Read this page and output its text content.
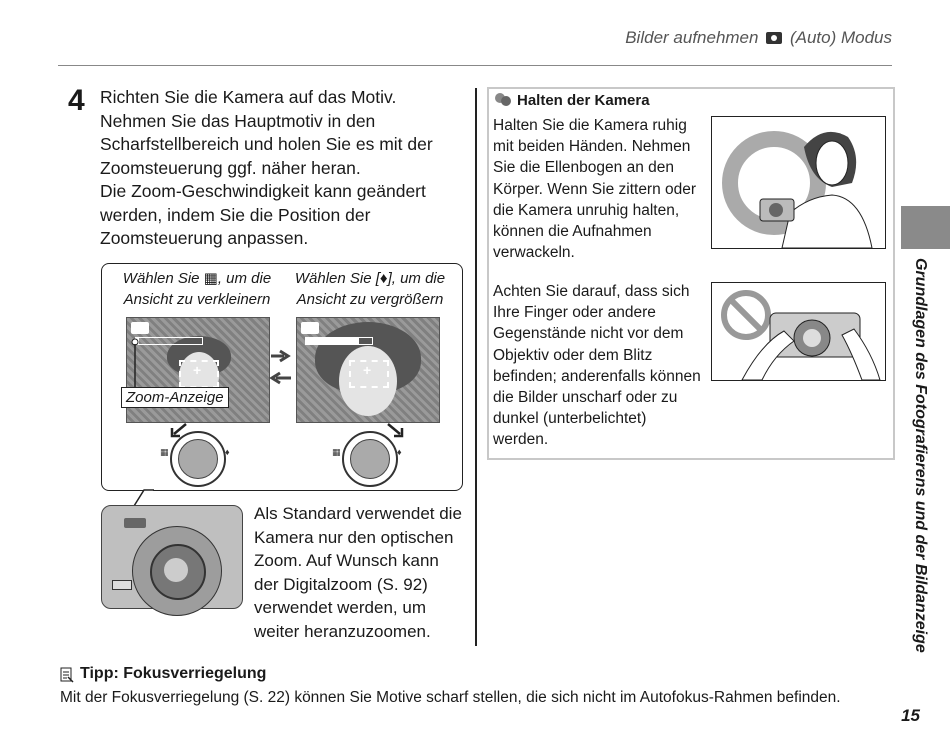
Bilder aufnehmen (Auto) Modus
4 Richten Sie die Kamera auf das Motiv.

Nehmen Sie das Hauptmotiv in den Scharfstellbereich und holen Sie es mit der Zoomsteuerung ggf. näher heran.

Die Zoom-Geschwindigkeit kann geändert werden, indem Sie die Position der Zoomsteuerung anpassen.

Wählen Sie ▦, um die Ansicht zu verkleinern
Wählen Sie [♦], um die Ansicht zu vergrößern
+	+
Zoom-Anzeige
▦	♦	▦	♦
Als Standard verwendet die Kamera nur den optischen Zoom. Auf Wunsch kann der Digitalzoom (S. 92) verwendet werden, um weiter heranzuzoomen.
Halten der Kamera
Halten Sie die Kamera ruhig mit beiden Händen. Nehmen Sie die Ellenbogen an den Körper. Wenn Sie zittern oder die Kamera unruhig halten, können die Aufnahmen verwackeln.
Achten Sie darauf, dass sich Ihre Finger oder andere Gegenstände nicht vor dem Objektiv oder dem Blitz befinden; anderenfalls können die Bilder unscharf oder zu dunkel (unterbelichtet) werden.	Grundlagen des Fotografierens und der Bildanzeige
Tipp: Fokusverriegelung
Mit der Fokusverriegelung (S. 22) können Sie Motive scharf stellen, die sich nicht im Autofokus-Rahmen befinden.
15
